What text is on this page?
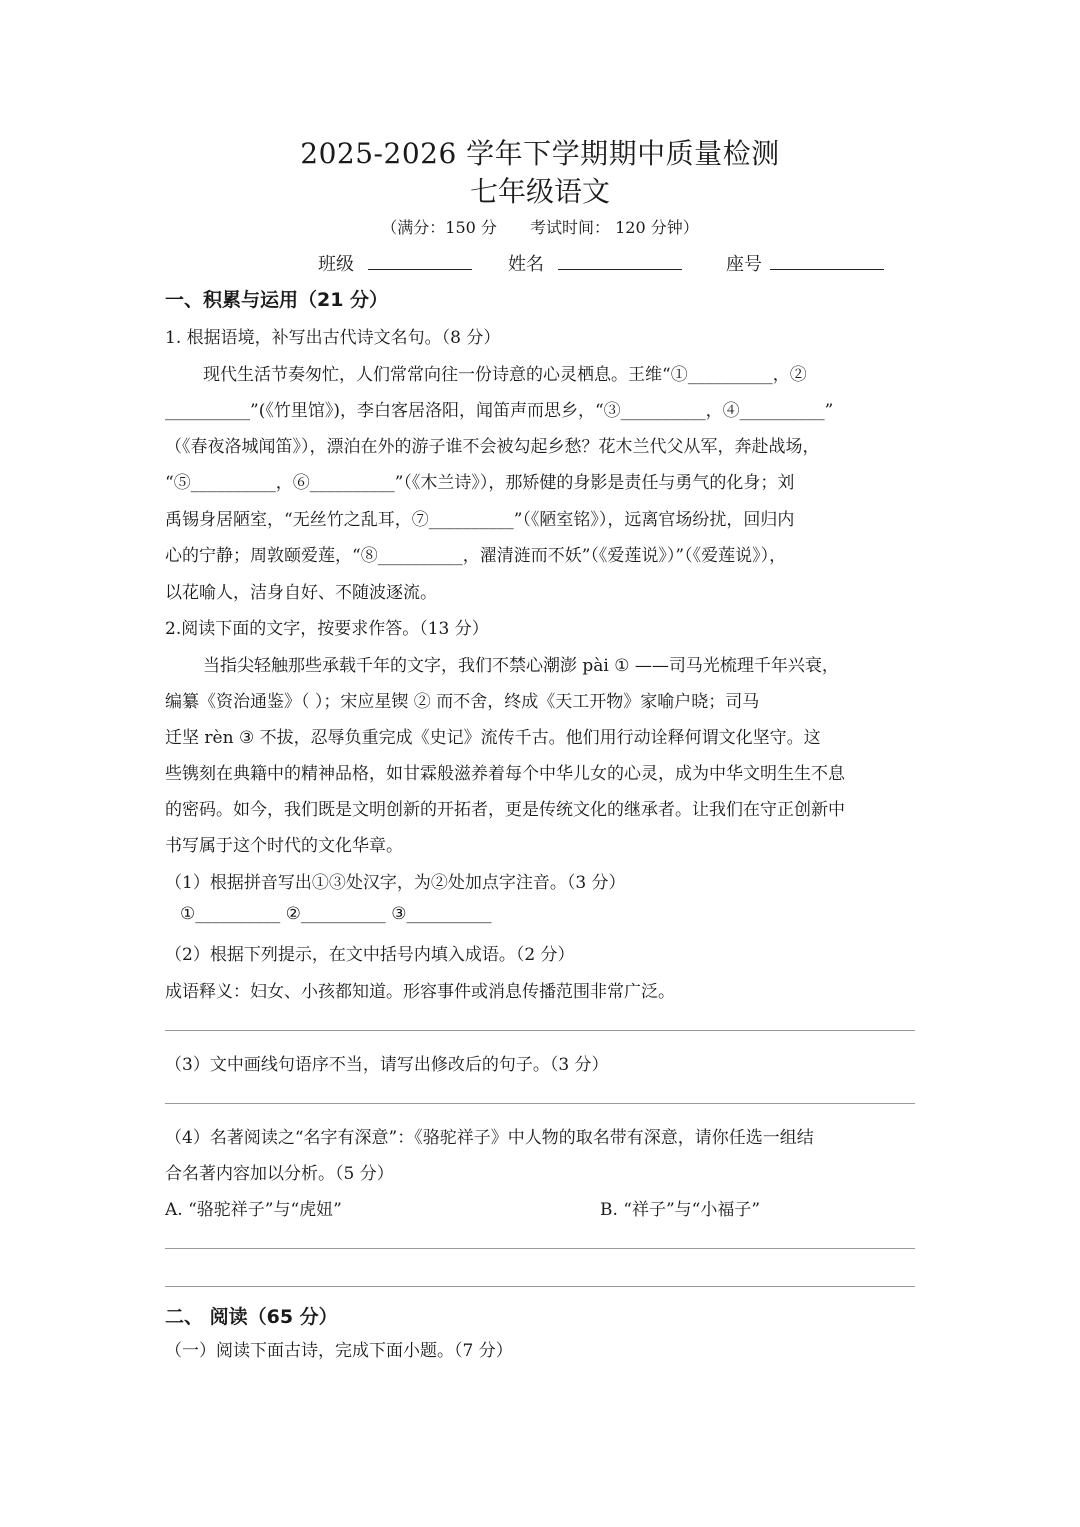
2025-2026 学年下学期期中质量检测
七年级语文
（满分：150 分 考试时间： 120 分钟）
班级	姓名	座号
一、积累与运用（21 分）
1. 根据语境，补写出古代诗文名句。（8 分）
现代生活节奏匆忙，人们常常向往一份诗意的心灵栖息。王维“①__________，②
__________”(《竹里馆》)，李白客居洛阳，闻笛声而思乡，“③__________，④__________”
（《春夜洛城闻笛》），漂泊在外的游子谁不会被勾起乡愁？花木兰代父从军，奔赴战场，
“⑤__________，⑥__________”（《木兰诗》），那矫健的身影是责任与勇气的化身；刘
禹锡身居陋室，“无丝竹之乱耳，⑦__________”（《陋室铭》），远离官场纷扰，回归内
心的宁静；周敦颐爱莲，“⑧__________，濯清涟而不妖”（《爱莲说》）”（《爱莲说》），
以花喻人，洁身自好、不随波逐流。
2.阅读下面的文字，按要求作答。（13 分）
当指尖轻触那些承载千年的文字，我们不禁心潮澎 pài ① ——司马光梳理千年兴衰，
编纂《资治通鉴》（ ）；宋应星锲 ② 而不舍，终成《天工开物》家喻户晓；司马
迁坚 rèn ③ 不拔，忍辱负重完成《史记》流传千古。他们用行动诠释何谓文化坚守。这
些镌刻在典籍中的精神品格，如甘霖般滋养着每个中华儿女的心灵，成为中华文明生生不息
的密码。如今，我们既是文明创新的开拓者，更是传统文化的继承者。让我们在守正创新中
书写属于这个时代的文化华章。
（1）根据拼音写出①③处汉字，为②处加点字注音。（3 分）
①__________ ②__________ ③__________
（2）根据下列提示，在文中括号内填入成语。（2 分）
成语释义：妇女、小孩都知道。形容事件或消息传播范围非常广泛。
（3）文中画线句语序不当，请写出修改后的句子。（3 分）
（4）名著阅读之“名字有深意”：《骆驼祥子》中人物的取名带有深意，请你任选一组结
合名著内容加以分析。（5 分）
A. “骆驼祥子”与“虎妞”	B. “祥子”与“小福子”
二、 阅读（65 分）
（一）阅读下面古诗，完成下面小题。（7 分）
